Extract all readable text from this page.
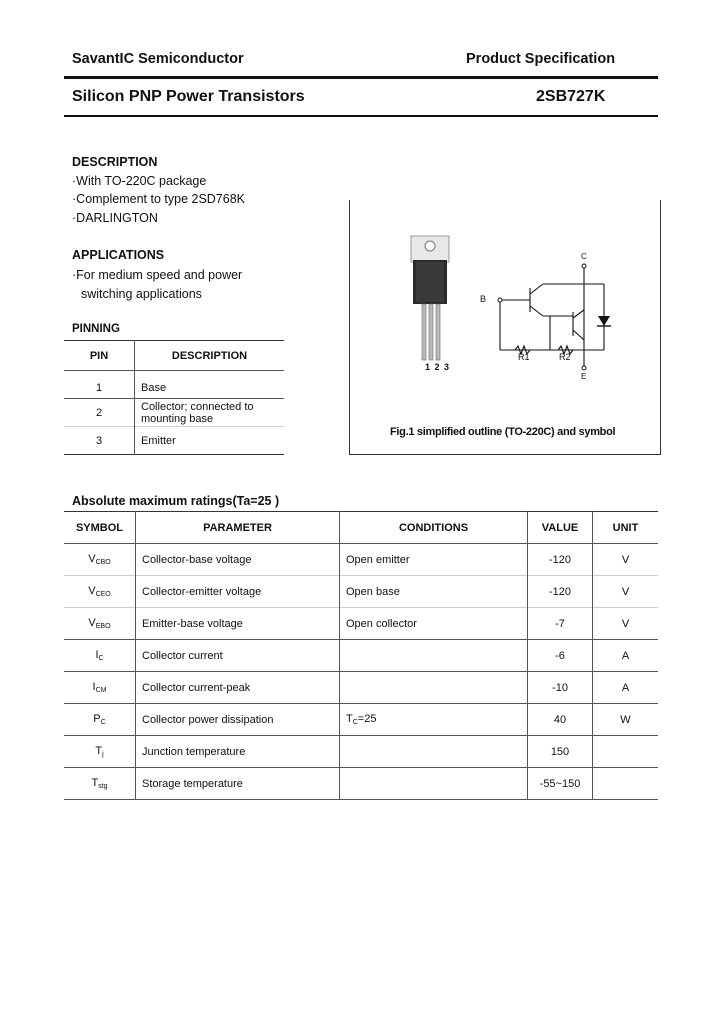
SavantIC Semiconductor	Product Specification
Silicon PNP Power Transistors	2SB727K
DESCRIPTION
·With TO-220C package
·Complement to type 2SD768K
·DARLINGTON
APPLICATIONS
·For medium speed and power
switching applications
PINNING
PIN	DESCRIPTION
1	Base
2	Collector; connected to
mounting base

3	Emitter
1 2 3
B
C
E
R1	R2
Fig.1 simplified outline (TO-220C) and symbol
Absolute maximum ratings(Ta=25 )
SYMBOL	PARAMETER	CONDITIONS	VALUE	UNIT
$V_{CBO}$	Collector-base voltage	Open emitter	-120	V
$V_{CEO}$	Collector-emitter voltage	Open base	-120	V
$V_{EBO}$	Emitter-base voltage	Open collector	-7	V
$I_C$	Collector current		-6	A
$I_{CM}$	Collector current-peak		-10	A
$P_C$	Collector power dissipation	$T_C=25$	40	W
$T_j$	Junction temperature		150	
$T_{stg}$	Storage temperature		-55~150	
